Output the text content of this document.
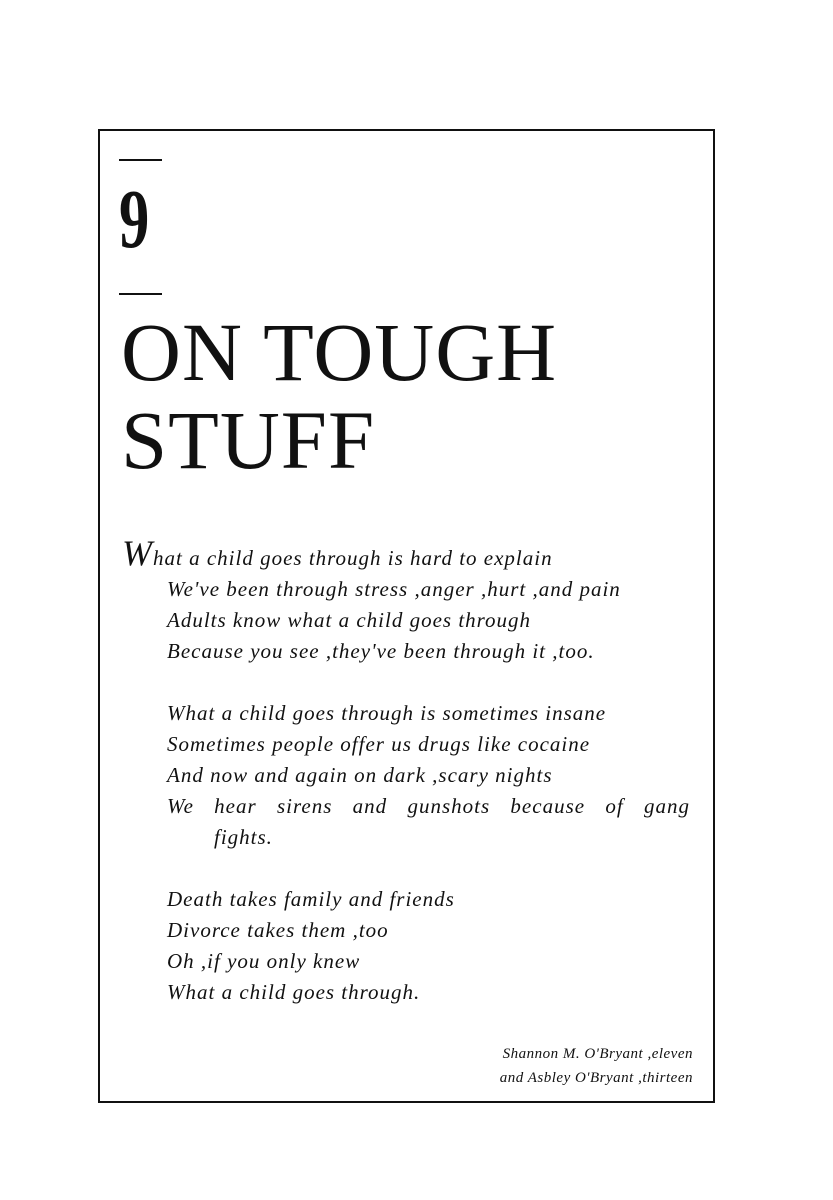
9
ON TOUGH
STUFF
What a child goes through is hard to explain
We've been through stress ,anger ,hurt ,and pain
Adults know what a child goes through
Because you see ,they've been through it ,too.
What a child goes through is sometimes insane
Sometimes people offer us drugs like cocaine
And now and again on dark ,scary nights
We hear sirens and gunshots because of gang
fights.
Death takes family and friends
Divorce takes them ,too
Oh ,if you only knew
What a child goes through.
Shannon M. O'Bryant ,eleven
and Asbley O'Bryant ,thirteen
